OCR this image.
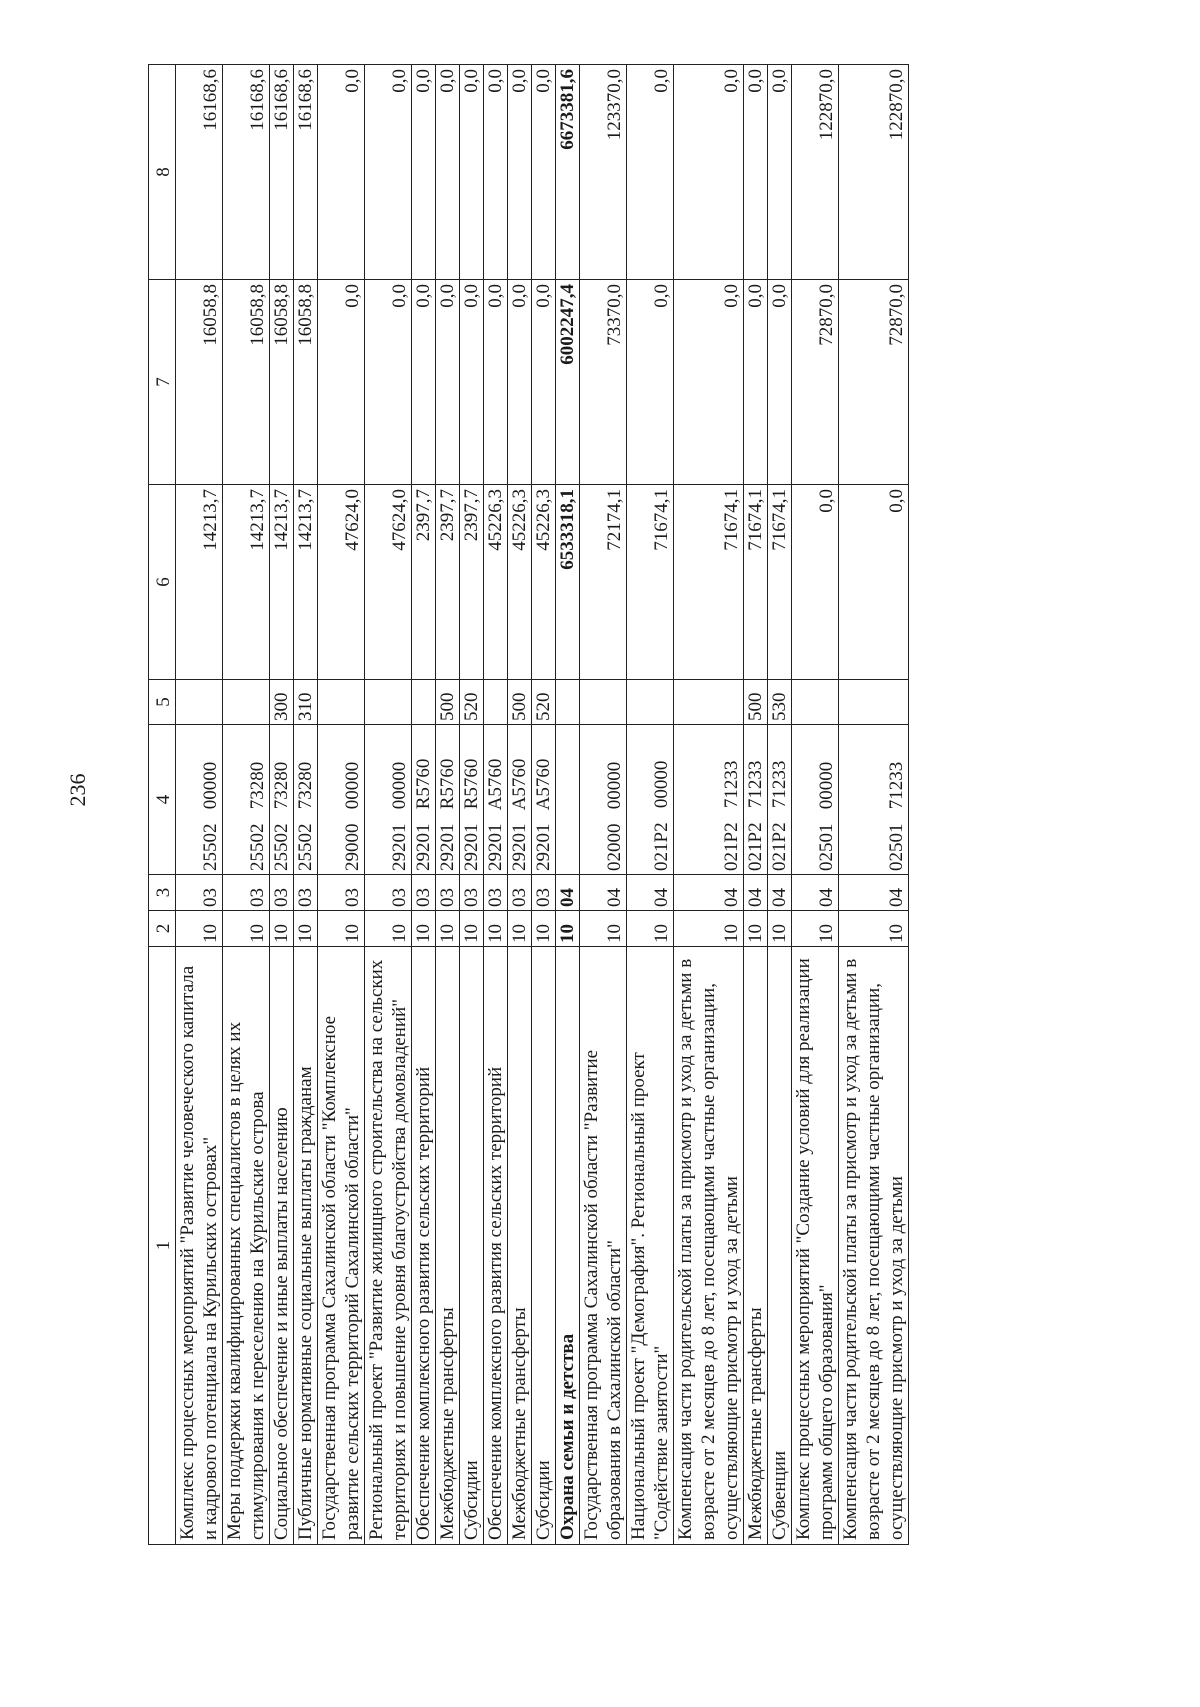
236
1	2	3	4	5	6	7	8
Комплекс процессных мероприятий "Развитие человеческого капитала и кадрового потенциала на Курильских островах"	10	03	25502   00000		14213,7	16058,8	16168,6
Меры поддержки квалифицированных специалистов в целях их стимулирования к переселению на Курильские острова	10	03	25502   73280		14213,7	16058,8	16168,6
Социальное обеспечение и иные выплаты населению	10	03	25502   73280	300	14213,7	16058,8	16168,6
Публичные нормативные социальные выплаты гражданам	10	03	25502   73280	310	14213,7	16058,8	16168,6
Государственная программа Сахалинской области "Комплексное развитие сельских территорий Сахалинской области"	10	03	29000   00000		47624,0	0,0	0,0
Региональный проект "Развитие жилищного строительства на сельских территориях и повышение уровня благоустройства домовладений"	10	03	29201   00000		47624,0	0,0	0,0
Обеспечение комплексного развития сельских территорий	10	03	29201   R5760		2397,7	0,0	0,0
Межбюджетные трансферты	10	03	29201   R5760	500	2397,7	0,0	0,0
Субсидии	10	03	29201   R5760	520	2397,7	0,0	0,0
Обеспечение комплексного развития сельских территорий	10	03	29201   A5760		45226,3	0,0	0,0
Межбюджетные трансферты	10	03	29201   A5760	500	45226,3	0,0	0,0
Субсидии	10	03	29201   A5760	520	45226,3	0,0	0,0
Охрана семьи и детства	10	04			6533318,1	6002247,4	6673381,6
Государственная программа Сахалинской области "Развитие образования в Сахалинской области"	10	04	02000   00000		72174,1	73370,0	123370,0
Национальный проект "Демография". Региональный проект "Содействие занятости"	10	04	021P2   00000		71674,1	0,0	0,0
Компенсация части родительской платы за присмотр и уход за детьми в возрасте от 2 месяцев до 8 лет, посещающими частные организации, осуществляющие присмотр и уход за детьми	10	04	021P2   71233		71674,1	0,0	0,0
Межбюджетные трансферты	10	04	021P2   71233	500	71674,1	0,0	0,0
Субвенции	10	04	021P2   71233	530	71674,1	0,0	0,0
Комплекс процессных мероприятий "Создание условий для реализации программ общего образования"	10	04	02501   00000		0,0	72870,0	122870,0
Компенсация части родительской платы за присмотр и уход за детьми в возрасте от 2 месяцев до 8 лет, посещающими частные организации, осуществляющие присмотр и уход за детьми	10	04	02501   71233		0,0	72870,0	122870,0
